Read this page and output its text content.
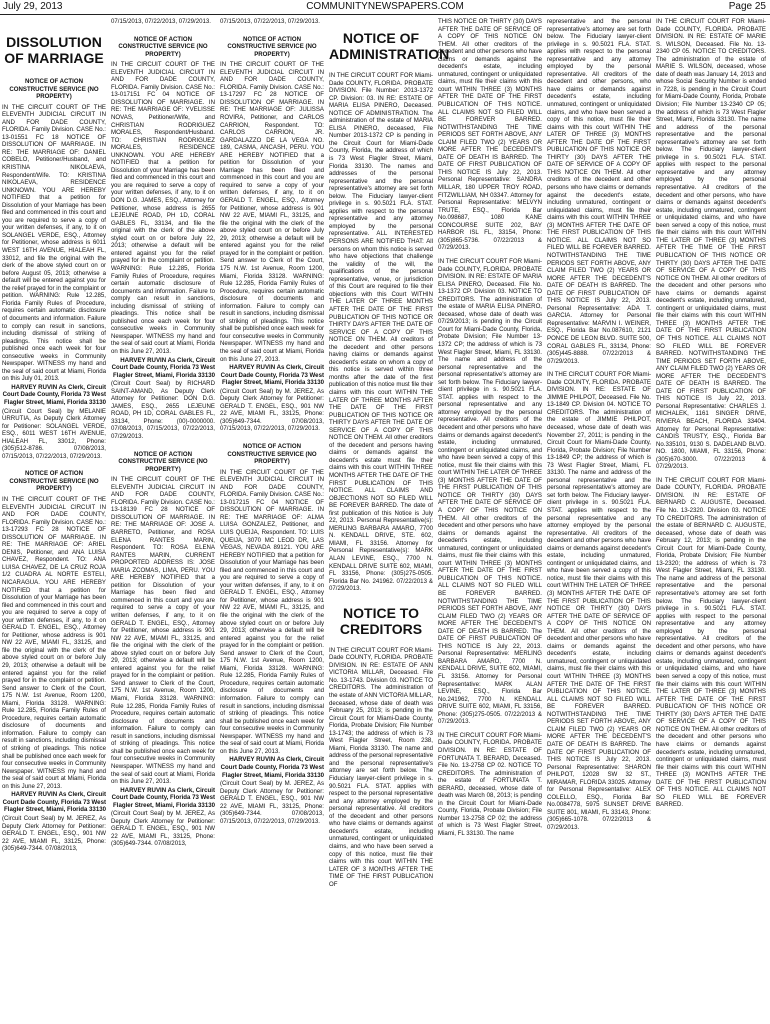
July 29, 2013	COMMUNITYNEWSPAPERS.COM	Page 25
DISSOLUTION OF MARRIAGE
NOTICE OF ACTION CONSTRUCTIVE SERVICE (NO PROPERTY)

IN THE CIRCUIT COURT OF THE ELEVENTH JUDICIAL CIRCUIT IN AND FOR DADE COUNTY, FLORIDA. Family Division. CASE No.: 13-01551 FC 18 NOTICE OF DISSOLUTION OF MARRIAGE. IN RE: THE MARRIAGE OF: DANIEL COBELO, Petitioner/Husband, and KRISTINA NIKOLAEVA, Respondent/Wife. TO: KRISTINA NIKOLAEVA, RESIDENCE UNKNOWN. YOU ARE HEREBY NOTIFIED that a petition for Dissolution of your Marriage has been filed and commenced in this court and you are required to serve a copy of your written defenses, if any, to it on SOLANGEL VERDE, ESQ., Attorney for Petitioner, whose address is 6011 WEST 16TH AVENUE, HIALEAH FL, 33012, and file the original with the clerk of the above styled court on or before August 05, 2013; otherwise a default will be entered against you for the relief prayed for in the complaint or petition. WARNING: Rule 12.285, Florida Family Rules of Procedure, requires certain automatic disclosure of documents and information. Failure to comply can result in sanctions, including dismissal of striking of pleadings. This notice shall be published once each week for four consecutive weeks in Community Newspaper. WITNESS my hand and the seal of said court at Miami, Florida on this July 01, 2013.

HARVEY RUVIN As Clerk, Circuit Court Dade County, Florida 73 West Flagler Street, Miami, Florida 33130

(Circuit Court Seal) by MELANIE URRUTIA, As Deputy Clerk Attorney for Petitioner: SOLANGEL VERDE, ESQ., 6011 WEST 16TH AVENUE, HIALEAH FL, 33012, Phone: (305)512-8786. 07/08/2013, 07/15/2013, 07/22/2013, 07/29/2013.

NOTICE OF ACTION CONSTRUCTIVE SERVICE (NO PROPERTY)

IN THE CIRCUIT COURT OF THE ELEVENTH JUDICIAL CIRCUIT IN AND FOR DADE COUNTY, FLORIDA. Family Division. CASE No.: 13-17293 FC 28 NOTICE OF DISSOLUTION OF MARRIAGE. IN RE: THE MARRIAGE OF: ARIEL DENIS, Petitioner, and ANA LUISA CHAVEZ, Respondent. TO: ANA LUISA CHAVEZ, DE LA CRUZ ROJA 1/2 CUADRA AL NORTE ESTELI, NICARAGUA. YOU ARE HEREBY NOTIFIED that a petition for Dissolution of your Marriage has been filed and commenced in this court and you are required to serve a copy of your written defenses, if any, to it on GERALD T. ENGEL, ESQ., Attorney for Petitioner, whose address is 901 NW 22 AVE, MIAMI FL, 33125, and file the original with the clerk of the above styled court on or before July 29, 2013; otherwise a default will be entered against you for the relief prayed for in the complaint or petition. Send answer to Clerk of the Court, 175 N.W. 1st Avenue, Room 1200, Miami, Florida 33128. WARNING: Rule 12.285, Florida Family Rules of Procedure, requires certain automatic disclosure of documents and information. Failure to comply can result in sanctions, including dismissal of striking of pleadings. This notice shall be published once each week for four consecutive weeks in Community Newspaper. WITNESS my hand and the seal of said court at Miami, Florida on this June 27, 2013.

HARVEY RUVIN As Clerk, Circuit Court Dade County, Florida 73 West Flagler Street, Miami, Florida 33130

(Circuit Court Seal) by M. JEREZ, As Deputy Clerk Attorney for Petitioner: GERALD T. ENGEL, ESQ., 901 NW 22 AVE, MIAMI FL, 33125, Phone: (305)649-7344. 07/08/2013,

07/15/2013, 07/22/2013, 07/29/2013.

NOTICE OF ACTION CONSTRUCTIVE SERVICE (NO PROPERTY)

IN THE CIRCUIT COURT OF THE ELEVENTH JUDICIAL CIRCUIT IN AND FOR DADE COUNTY, FLORIDA. Family Division. CASE No.: 13-017151 FC 04 NOTICE OF DISSOLUTION OF MARRIAGE. IN RE: THE MARRIAGE OF: YVELISSE NOVAS, Petitioner/Wife, and CHRISTIAN RODRIGUEZ MORALES, Respondent/Husband. TO: CHRISTIAN RODRIGUEZ MORALES, RESIDENCE UNKNOWN. YOU ARE HEREBY NOTIFIED that a petition for Dissolution of your Marriage has been filed and commenced in this court and you are required to serve a copy of your written defenses, if any, to it on DON D.G. JAMES, ESQ., Attorney for Petitioner, whose address is 2655 LEJEUNE ROAD, PH 1D, CORAL GABLES FL, 33134, and file the original with the clerk of the above styled court on or before July 22, 2013; otherwise a default will be entered against you for the relief prayed for in the complaint or petition. WARNING: Rule 12.285, Florida Family Rules of Procedure, requires certain automatic disclosure of documents and information. Failure to comply can result in sanctions, including dismissal of striking of pleadings. This notice shall be published once each week for four consecutive weeks in Community Newspaper. WITNESS my hand and the seal of said court at Miami, Florida on this June 27, 2013.

HARVEY RUVIN As Clerk, Circuit Court Dade County, Florida 73 West Flagler Street, Miami, Florida 33130

(Circuit Court Seal) by RICHARD SAINT-AMAND, As Deputy Clerk Attorney for Petitioner: DON D.G. JAMES, ESQ., 2655 LEJEUNE ROAD, PH 1D, CORAL GABLES FL, 33134, Phone: (00)-0000000. 07/08/2013, 07/15/2013, 07/22/2013, 07/29/2013.

NOTICE OF ACTION CONSTRUCTIVE SERVICE (NO PROPERTY)

IN THE CIRCUIT COURT OF THE ELEVENTH JUDICIAL CIRCUIT IN AND FOR DADE COUNTY, FLORIDA. Family Division. CASE No.: 13-18139 FC 28 NOTICE OF DISSOLUTION OF MARRIAGE. IN RE: THE MARRIAGE OF: JOSE A. BARRETO, Petitioner, and ROSA ELENA RANTES MARIN, Respondent. TO: ROSA ELENA RANTES MARIN, CURRENT PROPORTED ADDRESS IS: JOSE MARIA ZCOMAS, LIMA, PERU. YOU ARE HEREBY NOTIFIED that a petition for Dissolution of your Marriage has been filed and commenced in this court and you are required to serve a copy of your written defenses, if any, to it on GERALD T. ENGEL, ESQ., Attorney for Petitioner, whose address is 901 NW 22 AVE, MIAMI FL, 33125, and file the original with the clerk of the above styled court on or before July 29, 2013; otherwise a default will be entered against you for the relief prayed for in the complaint or petition. Send answer to Clerk of the Court, 175 N.W. 1st Avenue, Room 1200, Miami, Florida 33128. WARNING: Rule 12.285, Florida Family Rules of Procedure, requires certain automatic disclosure of documents and information. Failure to comply can result in sanctions, including dismissal of striking of pleadings. This notice shall be published once each week for four consecutive weeks in Community Newspaper. WITNESS my hand and the seal of said court at Miami, Florida on this June 27, 2013.

HARVEY RUVIN As Clerk, Circuit Court Dade County, Florida 73 West Flagler Street, Miami, Florida 33130

(Circuit Court Seal) by M. JEREZ, As Deputy Clerk Attorney for Petitioner: GERALD T. ENGEL, ESQ., 901 NW 22 AVE, MIAMI FL, 33125, Phone: (305)649-7344. 07/08/2013,

07/15/2013, 07/22/2013, 07/29/2013.

NOTICE OF ACTION CONSTRUCTIVE SERVICE (NO PROPERTY)

IN THE CIRCUIT COURT OF THE ELEVENTH JUDICIAL CIRCUIT IN AND FOR DADE COUNTY, FLORIDA. Family Division. CASE No.: 13-17297 FC 28 NOTICE OF DISSOLUTION OF MARRIAGE. IN RE: THE MARRIAGE OF: JULISSA ROVIRA, Petitioner, and CARLOS CARRION, Respondent. TO: CARLOS CARRION, JR. GARDALAZZO DE LA VEGA NO. 189, CASMA, ANCASH, PERU. YOU ARE HEREBY NOTIFIED that a petition for Dissolution of your Marriage has been filed and commenced in this court and you are required to serve a copy of your written defenses, if any, to it on GERALD T. ENGEL, ESQ., Attorney for Petitioner, whose address is 901 NW 22 AVE, MIAMI FL, 33125, and file the original with the clerk of the above styled court on or before July 29, 2013; otherwise a default will be entered against you for the relief prayed for in the complaint or petition. Send answer to Clerk of the Court, 175 N.W. 1st Avenue, Room 1200, Miami, Florida 33128. WARNING: Rule 12.285, Florida Family Rules of Procedure, requires certain automatic disclosure of documents and information. Failure to comply can result in sanctions, including dismissal of striking of pleadings. This notice shall be published once each week for four consecutive weeks in Community Newspaper. WITNESS my hand and the seal of said court at Miami, Florida on this June 27, 2013.

HARVEY RUVIN As Clerk, Circuit Court Dade County, Florida 73 West Flagler Street, Miami, Florida 33130

(Circuit Court Seal) by M. JEREZ, As Deputy Clerk Attorney for Petitioner: GERALD T. ENGEL, ESQ., 901 NW 22 AVE, MIAMI FL, 33125, Phone: (305)649-7344. 07/08/2013, 07/15/2013, 07/22/2013, 07/29/2013.

NOTICE OF ACTION CONSTRUCTIVE SERVICE (NO PROPERTY)

IN THE CIRCUIT COURT OF THE ELEVENTH JUDICIAL CIRCUIT IN AND FOR DADE COUNTY, FLORIDA. Family Division. CASE No.: 13-017215 FC 04 NOTICE OF DISSOLUTION OF MARRIAGE. IN RE: THE MARRIAGE OF: ALMA LUISA GONZALEZ, Petitioner, and LUIS QUEIJA, Respondent. TO: LUIS QUEIJA, 3070 MC LEOD DR, LAS VEGAS, NEVADA 89121. YOU ARE HEREBY NOTIFIED that a petition for Dissolution of your Marriage has been filed and commenced in this court and you are required to serve a copy of your written defenses, if any, to it on GERALD T. ENGEL, ESQ., Attorney for Petitioner, whose address is 901 NW 22 AVE, MIAMI FL, 33125, and file the original with the clerk of the above styled court on or before July 29, 2013; otherwise a default will be entered against you for the relief prayed for in the complaint or petition. Send answer to Clerk of the Court, 175 N.W. 1st Avenue, Room 1200, Miami, Florida 33128. WARNING: Rule 12.285, Florida Family Rules of Procedure, requires certain automatic disclosure of documents and information. Failure to comply can result in sanctions, including dismissal of striking of pleadings. This notice shall be published once each week for four consecutive weeks in Community Newspaper. WITNESS my hand and the seal of said court at Miami, Florida on this June 27, 2013.

HARVEY RUVIN As Clerk, Circuit Court Dade County, Florida 73 West Flagler Street, Miami, Florida 33130

(Circuit Court Seal) by M. JEREZ, As Deputy Clerk Attorney for Petitioner: GERALD T. ENGEL, ESQ., 901 NW 22 AVE, MIAMI FL, 33125, Phone: (305)649-7344. 07/08/2013, 07/15/2013, 07/22/2013, 07/29/2013.

NOTICE OF ADMINISTRATION

IN THE CIRCUIT COURT FOR Miami-Dade COUNTY, FLORIDA. PROBATE DIVISION. File Number: 2013-1372 CP. Division: 03. IN RE: ESTATE OF MARIA ELISA PINERO, Deceased. NOTICE OF ADMINISTRATION. The administration of the estate of MARIA ELISA PINERO, deceased, File Number 2013-1372 CP is pending in the Circuit Court for Miami-Dade County, Florida, the address of which is 73 West Flagler Street, Miami, Florida 33130. The names and addresses of the personal representative and the personal representative's attorney are set forth below. The Fiduciary lawyer-client privilege in s. 90.5021 FLA. STAT. applies with respect to the personal representative and any attorney employed by the personal representative. ALL INTERESTED PERSONS ARE NOTIFIED THAT: All persons on whom this notice is served who have objections that challenge the validity of the will, the qualifications of the personal representative, venue, or jurisdiction of this Court are required to file their objections with this Court WITHIN THE LATER OF THREE MONTHS AFTER THE DATE OF THE FIRST PUBLICATION OF THIS NOTICE OR THIRTY DAYS AFTER THE DATE OF SERVICE OF A COPY OF THIS NOTICE ON THEM. All creditors of the decedent and other persons having claims or demands against decedent's estate on whom a copy of this notice is served within three months after the date of the first publication of this notice must file their claims with this court WITHIN THE LATER OF THREE MONTHS AFTER THE DATE OF THE FIRST PUBLICATION OF THIS NOTICE OR THIRTY DAYS AFTER THE DATE OF SERVICE OF A COPY OF THIS NOTICE ON THEM. All other creditors of the decedent and persons having claims or demands against the decedent's estate must file their claims with this court WITHIN THREE MONTHS AFTER THE DATE OF THE FIRST PUBLICATION OF THIS NOTICE. ALL CLAIMS AND OBJECTIONS NOT SO FILED WILL BE FOREVER BARRED. The date of first publication of this Notice is July 22, 2013. Personal Representative(s): MERLING BARBARA AMARO, 7700 N. KENDALL DRIVE, STE. 602, MIAMI, FL 33156. Attorney for Personal Representative(s): MARK ALAN LEVINE, ESQ., 7700 N. KENDALL DRIVE SUITE 602, MIAMI, FL 33156, Phone: (305)275-0505. Florida Bar No. 241962. 07/22/2013 & 07/29/2013.

NOTICE TO CREDITORS

IN THE CIRCUIT COURT FOR Miami-Dade COUNTY, FLORIDA. PROBATE DIVISION. IN RE: ESTATE OF ANN VICTORIA MILLAR, Deceased. File No. 13-1743. Division 03. NOTICE TO CREDITORS. The administration of the estate of ANN VICTORIA MILLAR, deceased, whose date of death was February 25, 2013; is pending in the Circuit Court for Miami-Dade County, Florida, Probate Division; File Number 13-1743; the address of which is 73 West Flagler Street, Room 238, Miami, Florida 33130. The name and address of the personal representative and the personal representative's attorney are set forth below. The Fiduciary lawyer-client privilege in s. 90.5021 FLA. STAT. applies with respect to the personal representative and any attorney employed by the personal representative. All creditors of the decedent and other persons who have claims or demands against decedent's estate, including unmatured, contingent or unliquidated claims, and who have been served a copy of this notice, must file their claims with this court WITHIN THE LATER OF 3 MONTHS AFTER THE TIME OF THE FIRST PUBLICATION OF

THIS NOTICE OR THIRTY (30) DAYS AFTER THE DATE OF SERVICE OF A COPY OF THIS NOTICE ON THEM. All other creditors of the decedent and other persons who have claims or demands against the decedent's estate, including unmatured, contingent or unliquidated claims, must file their claims with this court WITHIN THREE (3) MONTHS AFTER THE DATE OF THE FIRST PUBLICATION OF THIS NOTICE. ALL CLAIMS NOT SO FILED WILL BE FOREVER BARRED. NOTWITHSTANDING THE TIME PERIODS SET FORTH ABOVE, ANY CLAIM FILED TWO (2) YEARS OR MORE AFTER THE DECEDENT'S DATE OF DEATH IS BARRED. The DATE OF FIRST PUBLICATION OF THIS NOTICE IS July 22, 2013. Personal Representative: SANDRA MILLAR, 180 UPPER TROY ROAD, FITZWILLIAM, NH 03347. Attorney for Personal Representative: MELVYN TRUTE, ESQ., Florida Bar No.098687, 1080 KANE CONCOURSE SUITE 202, BAY HARBOR ISL FL, 33154, Phone: (305)865-5736. 07/22/2013 & 07/29/2013.

IN THE CIRCUIT COURT FOR Miami-Dade COUNTY, FLORIDA. PROBATE DIVISION. IN RE: ESTATE OF MARIA ELISA PINERO, Deceased. File No. 13-1372 CP. Division 03. NOTICE TO CREDITORS. The administration of the estate of MARIA ELISA PINERO, deceased, whose date of death was 07/29/2013; is pending in the Circuit Court for Miami-Dade County, Florida, Probate Division; File Number 13-1372 CP; the address of which is 73 West Flagler Street, Miami, FL 33130. The name and address of the personal representative and the personal representative's attorney are set forth below. The Fiduciary lawyer-client privilege in s. 90.5021 FLA. STAT. applies with respect to the personal representative and any attorney employed by the personal representative. All creditors of the decedent and other persons who have claims or demands against decedent's estate, including unmatured, contingent or unliquidated claims, and who have been served a copy of this notice, must file their claims with this court WITHIN THE LATER OF THREE (3) MONTHS AFTER THE DATE OF THE FIRST PUBLICATION OF THIS NOTICE OR THIRTY (30) DAYS AFTER THE DATE OF SERVICE OF A COPY OF THIS NOTICE ON THEM. All other creditors of the decedent and other persons who have claims or demands against the decedent's estate, including unmatured, contingent or unliquidated claims, must file their claims with this court WITHIN THREE (3) MONTHS AFTER THE DATE OF THE FIRST PUBLICATION OF THIS NOTICE. ALL CLAIMS NOT SO FILED WILL BE FOREVER BARRED. NOTWITHSTANDING THE TIME PERIODS SET FORTH ABOVE, ANY CLAIM FILED TWO (2) YEARS OR MORE AFTER THE DECEDENT'S DATE OF DEATH IS BARRED. The DATE OF FIRST PUBLICATION OF THIS NOTICE IS July 22, 2013. Personal Representative: MERLING BARBARA AMARO, 7700 N. KENDALL DRIVE, SUITE 602, MIAMI, FL 33156. Attorney for Personal Representative: MARK ALAN LEVINE, ESQ., Florida Bar No.241962, 7700 N. KENDALL DRIVE SUITE 602, MIAMI, FL 33156, Phone: (305)275-0505. 07/22/2013 & 07/29/2013.

IN THE CIRCUIT COURT FOR Miami-Dade COUNTY, FLORIDA. PROBATE DIVISION. IN RE: ESTATE OF FORTUNATA T. BERARD, Deceased. File No. 13-2758 CP 02. NOTICE TO CREDITORS. The administration of the estate of FORTUNATA T. BERARD, deceased, whose date of death was March 08, 2013; is pending in the Circuit Court for Miami-Dade County, Florida, Probate Division; File Number 13-2758 CP 02; the address of which is 73 West Flagler Street, Miami, FL 33130. The name

representative and the personal representative's attorney are set forth below. The Fiduciary lawyer-client privilege in s. 90.5021 FLA. STAT. applies with respect to the personal representative and any attorney employed by the personal representative. All creditors of the decedent and other persons, who have claims or demands against decedent's estate, including unmatured, contingent or unliquidated claims, and who have been served a copy of this notice, must file their claims with this court WITHIN THE LATER OF THREE (3) MONTHS AFTER THE DATE OF THE FIRST PUBLICATION OF THIS NOTICE OR THIRTY (30) DAYS AFTER THE DATE OF SERVICE OF A COPY OF THIS NOTICE ON THEM. All other creditors of the decedent and other persons who have claims or demands against the decedent's estate, including unmatured, contingent or unliquidated claims, must file their claims with this court WITHIN THREE (3) MONTHS AFTER THE DATE OF THE FIRST PUBLICATION OF THIS NOTICE. ALL CLAIMS NOT SO FILED WILL BE FOREVER BARRED. NOTWITHSTANDING THE TIME PERIODS SET FORTH ABOVE, ANY CLAIM FILED TWO (2) YEARS OR MORE AFTER THE DECEDENT'S DATE OF DEATH IS BARRED. The DATE OF FIRST PUBLICATION OF THIS NOTICE IS July 22, 2013. Personal Representative: ADA T. GARCIA. Attorney for Personal Representative: MARVIN I. WEINER, ESQ., Florida Bar No.087610, 2121 PONCE DE LEON BLVD. SUITE 500, CORAL GABLES FL, 33134, Phone: (305)445-8888. 07/22/2013 & 07/29/2013.

IN THE CIRCUIT COURT FOR Miami-Dade COUNTY, FLORIDA. PROBATE DIVISION. IN RE: ESTATE OF JIMMIE PHILPOT, Deceased. File No. 13-1849 CP. Division 04. NOTICE TO CREDITORS. The administration of the estate of JIMMIE PHILPOT, deceased, whose date of death was November 27, 2011; is pending in the Circuit Court for Miami-Dade County, Florida, Probate Division; File Number 13-1849 CP; the address of which is 73 West Flagler Street, Miami, FL 33130. The name and address of the personal representative and the personal representative's attorney are set forth below. The Fiduciary lawyer-client privilege in s. 90.5021 FLA. STAT. applies with respect to the personal representative and any attorney employed by the personal representative. All creditors of the decedent and other persons who have claims or demands against decedent's estate, including unmatured, contingent or unliquidated claims, and who have been served a copy of this notice, must file their claims with this court WITHIN THE LATER OF THREE (3) MONTHS AFTER THE DATE OF THE FIRST PUBLICATION OF THIS NOTICE OR THIRTY (30) DAYS AFTER THE DATE OF SERVICE OF A COPY OF THIS NOTICE ON THEM. All other creditors of the decedent and other persons who have claims or demands against the decedent's estate, including unmatured, contingent or unliquidated claims, must file their claims with this court WITHIN THREE (3) MONTHS AFTER THE DATE OF THE FIRST PUBLICATION OF THIS NOTICE. ALL CLAIMS NOT SO FILED WILL BE FOREVER BARRED. NOTWITHSTANDING THE TIME PERIODS SET FORTH ABOVE, ANY CLAIM FILED TWO (2) YEARS OR MORE AFTER THE DECEDENT'S DATE OF DEATH IS BARRED. The DATE OF FIRST PUBLICATION OF THIS NOTICE IS July 22, 2013. Personal Representative: SHARON PHILPOT, 12028 SW 32 ST., MIRAMAR, FLORIDA 33025. Attorney for Personal Representative: ALEX COLELLO, ESQ., Florida Bar No.0084778, 5975 SUNSET DRIVE SUITE 801, MIAMI, FL 33143, Phone: (305)665-1078. 07/22/2013 & 07/29/2013.

IN THE CIRCUIT COURT FOR Miami-Dade COUNTY, FLORIDA. PROBATE DIVISION. IN RE: ESTATE OF MARIE S. WILSON, Deceased. File No. 13-2340 CP 05. NOTICE TO CREDITORS. The administration of the estate of MARIE S. WILSON, deceased, whose date of death was January 14, 2013 and whose Social Security Number is ended in 7228, is pending in the Circuit Court for Miami-Dade County, Florida, Probate Division; File Number 13-2340 CP 05; the address of which is 73 West Flagler Street, Miami, Florida 33130. The name and address of the personal representative and the personal representative's attorney are set forth below. The Fiduciary lawyer-client privilege in s. 90.5021 FLA. STAT. applies with respect to the personal representative and any attorney employed by the personal representative. All creditors of the decedent and other persons, who have claims or demands against decedent's estate, including unmatured, contingent or unliquidated claims, and who have been served a copy of this notice, must file their claims with this court WITHIN THE LATER OF THREE (3) MONTHS AFTER THE TIME OF THE FIRST PUBLICATION OF THIS NOTICE OR THIRTY (30) DAYS AFTER THE DATE OF SERVICE OF A COPY OF THIS NOTICE ON THEM. All other creditors of the decedent and other persons who have claims or demands against decedent's estate, including unmatured, contingent or unliquidated claims, must file their claims with this court WITHIN THREE (3) MONTHS AFTER THE DATE OF THE FIRST PUBLICATION OF THIS NOTICE. ALL CLAIMS NOT SO FILED WILL BE FOREVER BARRED. NOTWITHSTANDING THE TIME PERIODS SET FORTH ABOVE, ANY CLAIM FILED TWO (2) YEARS OR MORE AFTER THE DECEDENT'S DATE OF DEATH IS BARRED. The DATE OF FIRST PUBLICATION OF THIS NOTICE IS July 22, 2013. Personal Representative: CHARLES J. MICHALEK, 1161 SINGER DRIVE, RIVIERA BEACH, FLORIDA 33404. Attorney for Personal Representative: CANDIS TRUSTY, ESQ., Florida Bar No.335101, 9130 S. DADELAND BLVD. NO. 1800, MIAMI, FL 33156, Phone: (305)670-3000. 07/22/2013 & 07/29/2013.

IN THE CIRCUIT COURT FOR Miami-Dade COUNTY, FLORIDA. PROBATE DIVISION. IN RE: ESTATE OF BERNARD C. AUGUSTE, Deceased. File No. 13-2320. Division 03. NOTICE TO CREDITORS. The administration of the estate of BERNARD C. AUGUSTE, deceased, whose date of death was February 12, 2013; is pending in the Circuit Court for Miami-Dade County, Florida, Probate Division; File Number 13-2320; the address of which is 73 West Flagler Street, Miami, FL 33130. The name and address of the personal representative and the personal representative's attorney are set forth below. The Fiduciary lawyer-client privilege in s. 90.5021 FLA. STAT. applies with respect to the personal representative and any attorney employed by the personal representative. All creditors of the decedent and other persons, who have claims or demands against decedent's estate, including unmatured, contingent or unliquidated claims, and who have been served a copy of this notice, must file their claims with this court WITHIN THE LATER OF THREE (3) MONTHS AFTER THE DATE OF THE FIRST PUBLICATION OF THIS NOTICE OR THIRTY (30) DAYS AFTER THE DATE OF SERVICE OF A COPY OF THIS NOTICE ON THEM. All other creditors of the decedent and other persons who have claims or demands against decedent's estate, including unmatured, contingent or unliquidated claims, must file their claims with this court WITHIN THREE (3) MONTHS AFTER THE DATE OF THE FIRST PUBLICATION OF THIS NOTICE. ALL CLAIMS NOT SO FILED WILL BE FOREVER BARRED.
